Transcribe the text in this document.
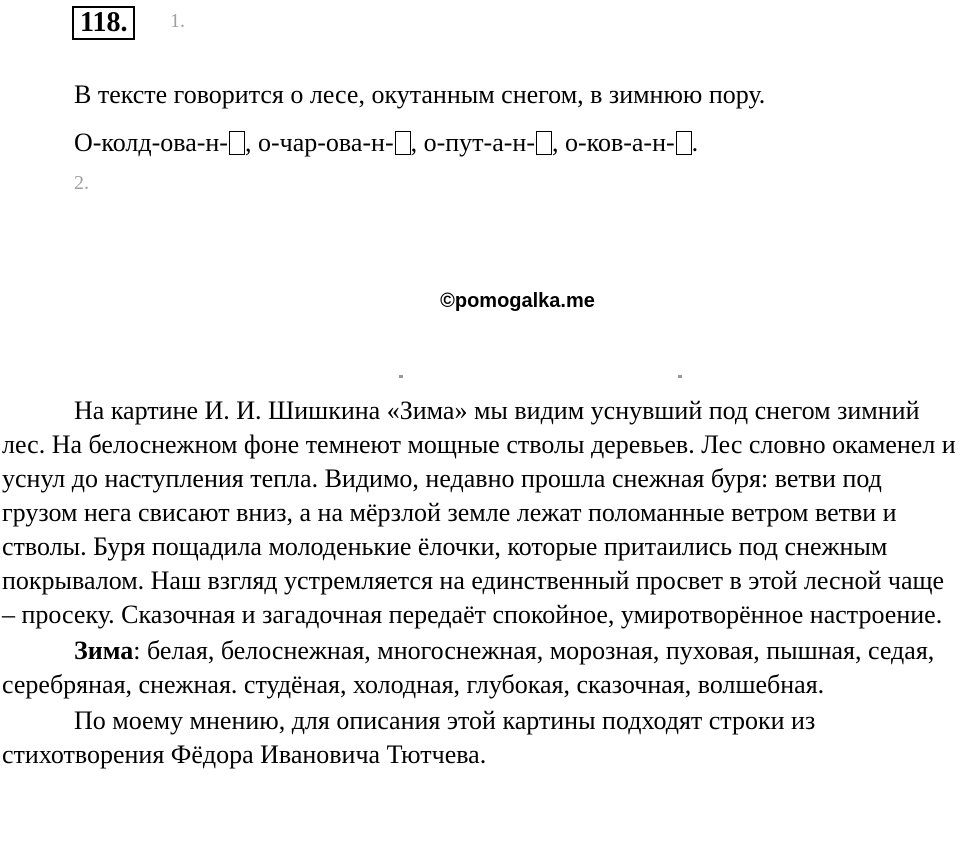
118.	1.
В тексте говорится о лесе, окутанным снегом, в зимнюю пору.
О-колд-ова-н- , о-чар-ова-н- , о-пут-а-н- , о-ков-а-н- .
2.
©pomogalka.me

На картине И. И. Шишкина «Зима» мы видим уснувший под снегом зимний лес. На белоснежном фоне темнеют мощные стволы деревьев. Лес словно окаменел и уснул до наступления тепла. Видимо, недавно прошла снежная буря: ветви под грузом нега свисают вниз, а на мёрзлой земле лежат поломанные ветром ветви и стволы. Буря пощадила молоденькие ёлочки, которые притаились под снежным покрывалом. Наш взгляд устремляется на единственный просвет в этой лесной чаще – просеку. Сказочная и загадочная передаёт спокойное, умиротворённое настроение.

Зима: белая, белоснежная, многоснежная, морозная, пуховая, пышная, седая, серебряная, снежная. студёная, холодная, глубокая, сказочная, волшебная.

По моему мнению, для описания этой картины подходят строки из стихотворения Фёдора Ивановича Тютчева.
